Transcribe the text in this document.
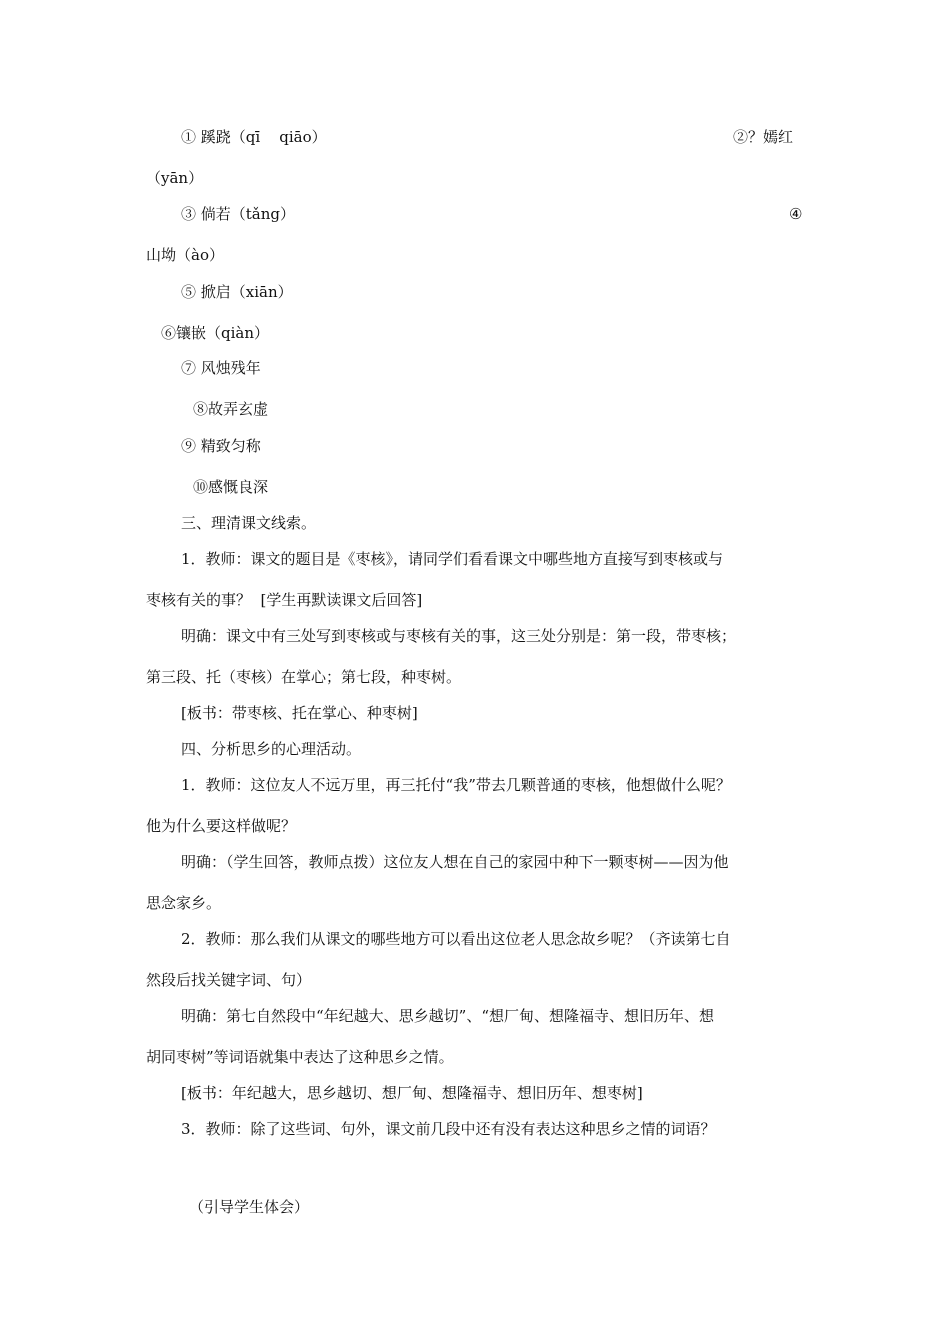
① 蹊跷（qī    qiāo）	②？嫣红

（yān）

③ 倘若（tǎng）	④

山坳（ào）

⑤ 掀启（xiān）

⑥镶嵌（qiàn）

⑦ 风烛残年

⑧故弄玄虚

⑨ 精致匀称

⑩感慨良深

三、理清课文线索。

1．教师：课文的题目是《枣核》，请同学们看看课文中哪些地方直接写到枣核或与

枣核有关的事？  [学生再默读课文后回答]

明确：课文中有三处写到枣核或与枣核有关的事，这三处分别是：第一段，带枣核；

第三段、托（枣核）在掌心；第七段，种枣树。

[板书：带枣核、托在掌心、种枣树]

四、分析思乡的心理活动。

1．教师：这位友人不远万里，再三托付“我”带去几颗普通的枣核，他想做什么呢？

他为什么要这样做呢？

明确：（学生回答，教师点拨）这位友人想在自己的家园中种下一颗枣树——因为他

思念家乡。

2．教师：那么我们从课文的哪些地方可以看出这位老人思念故乡呢？（齐读第七自

然段后找关键字词、句）

明确：第七自然段中“年纪越大、思乡越切”、“想厂甸、想隆福寺、想旧历年、想

胡同枣树”等词语就集中表达了这种思乡之情。

[板书：年纪越大，思乡越切、想厂甸、想隆福寺、想旧历年、想枣树]

3．教师：除了这些词、句外，课文前几段中还有没有表达这种思乡之情的词语？

（引导学生体会）
